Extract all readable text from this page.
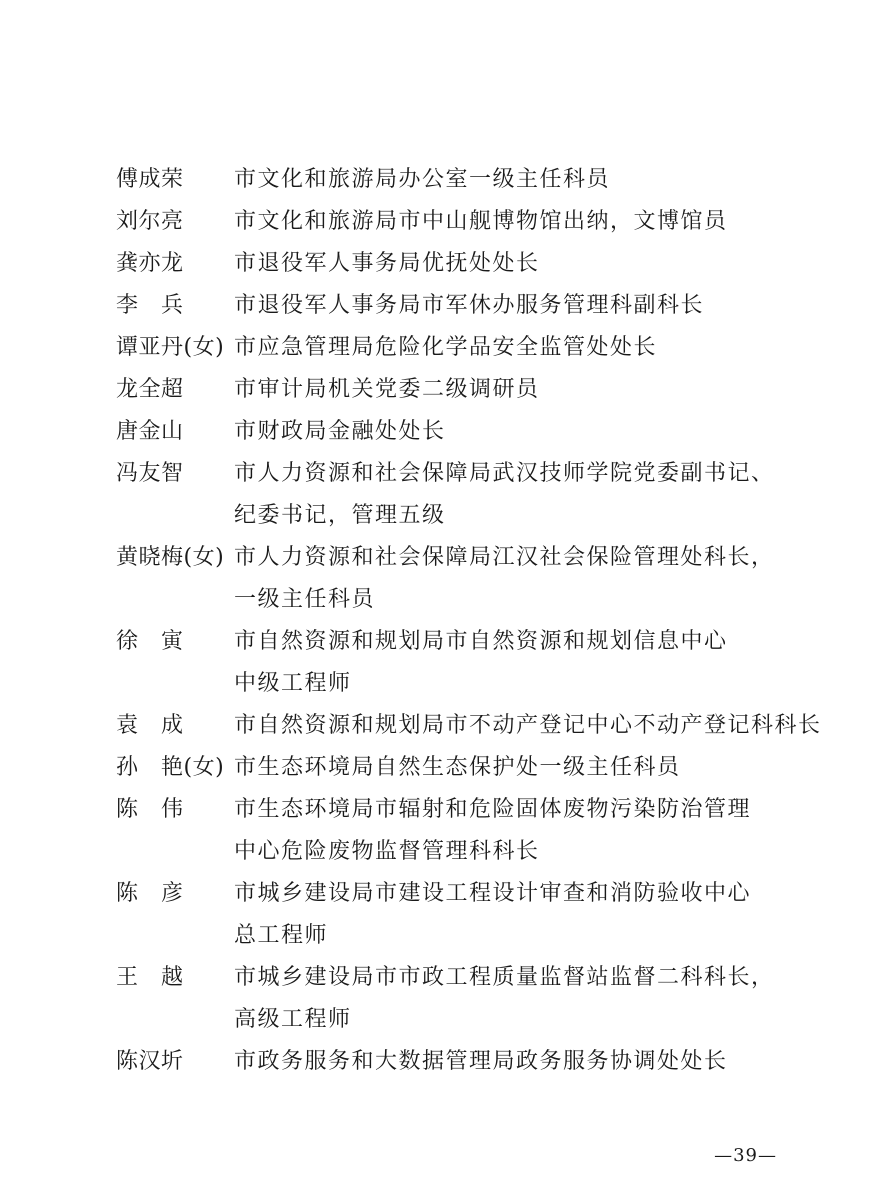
傅成荣	市文化和旅游局办公室一级主任科员
刘尔亮	市文化和旅游局市中山舰博物馆出纳，文博馆员
龚亦龙	市退役军人事务局优抚处处长
李　兵	市退役军人事务局市军休办服务管理科副科长
谭亚丹(女) 市应急管理局危险化学品安全监管处处长
龙全超	市审计局机关党委二级调研员
唐金山	市财政局金融处处长
冯友智	市人力资源和社会保障局武汉技师学院党委副书记、
纪委书记，管理五级
黄晓梅(女) 市人力资源和社会保障局江汉社会保险管理处科长，
一级主任科员
徐　寅	市自然资源和规划局市自然资源和规划信息中心
中级工程师
袁　成	市自然资源和规划局市不动产登记中心不动产登记科科长
孙　艳(女) 市生态环境局自然生态保护处一级主任科员
陈　伟	市生态环境局市辐射和危险固体废物污染防治管理
中心危险废物监督管理科科长
陈　彦	市城乡建设局市建设工程设计审查和消防验收中心
总工程师
王　越	市城乡建设局市市政工程质量监督站监督二科科长，
高级工程师
陈汉圻	市政务服务和大数据管理局政务服务协调处处长
—39—
